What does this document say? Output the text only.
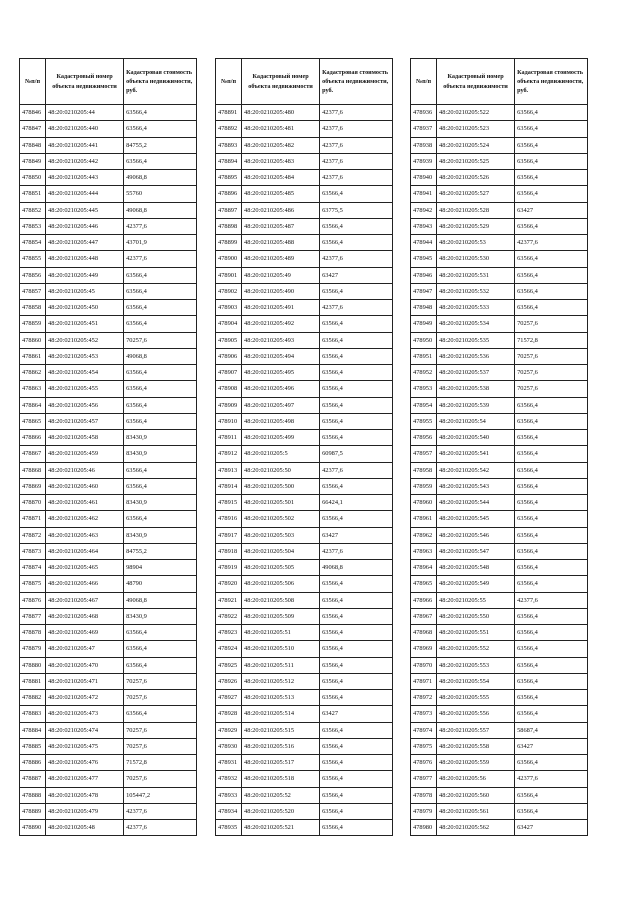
№п/п	Кадастровый номер объекта недвижимости	Кадастровая стоимость объекта недвижимости, руб.
478846	48:20:0210205:44	63566,4
478847	48:20:0210205:440	63566,4
478848	48:20:0210205:441	84755,2
478849	48:20:0210205:442	63566,4
478850	48:20:0210205:443	49068,8
478851	48:20:0210205:444	55760
478852	48:20:0210205:445	49068,8
478853	48:20:0210205:446	42377,6
478854	48:20:0210205:447	43701,9
478855	48:20:0210205:448	42377,6
478856	48:20:0210205:449	63566,4
478857	48:20:0210205:45	63566,4
478858	48:20:0210205:450	63566,4
478859	48:20:0210205:451	63566,4
478860	48:20:0210205:452	70257,6
478861	48:20:0210205:453	49068,8
478862	48:20:0210205:454	63566,4
478863	48:20:0210205:455	63566,4
478864	48:20:0210205:456	63566,4
478865	48:20:0210205:457	63566,4
478866	48:20:0210205:458	83430,9
478867	48:20:0210205:459	83430,9
478868	48:20:0210205:46	63566,4
478869	48:20:0210205:460	63566,4
478870	48:20:0210205:461	83430,9
478871	48:20:0210205:462	63566,4
478872	48:20:0210205:463	83430,9
478873	48:20:0210205:464	84755,2
478874	48:20:0210205:465	98904
478875	48:20:0210205:466	48790
478876	48:20:0210205:467	49068,8
478877	48:20:0210205:468	83430,9
478878	48:20:0210205:469	63566,4
478879	48:20:0210205:47	63566,4
478880	48:20:0210205:470	63566,4
478881	48:20:0210205:471	70257,6
478882	48:20:0210205:472	70257,6
478883	48:20:0210205:473	63566,4
478884	48:20:0210205:474	70257,6
478885	48:20:0210205:475	70257,6
478886	48:20:0210205:476	71572,8
478887	48:20:0210205:477	70257,6
478888	48:20:0210205:478	105447,2
478889	48:20:0210205:479	42377,6
478890	48:20:0210205:48	42377,6
№п/п	Кадастровый номер объекта недвижимости	Кадастровая стоимость объекта недвижимости, руб.
478891	48:20:0210205:480	42377,6
478892	48:20:0210205:481	42377,6
478893	48:20:0210205:482	42377,6
478894	48:20:0210205:483	42377,6
478895	48:20:0210205:484	42377,6
478896	48:20:0210205:485	63566,4
478897	48:20:0210205:486	63775,5
478898	48:20:0210205:487	63566,4
478899	48:20:0210205:488	63566,4
478900	48:20:0210205:489	42377,6
478901	48:20:0210205:49	63427
478902	48:20:0210205:490	63566,4
478903	48:20:0210205:491	42377,6
478904	48:20:0210205:492	63566,4
478905	48:20:0210205:493	63566,4
478906	48:20:0210205:494	63566,4
478907	48:20:0210205:495	63566,4
478908	48:20:0210205:496	63566,4
478909	48:20:0210205:497	63566,4
478910	48:20:0210205:498	63566,4
478911	48:20:0210205:499	63566,4
478912	48:20:0210205:5	60987,5
478913	48:20:0210205:50	42377,6
478914	48:20:0210205:500	63566,4
478915	48:20:0210205:501	66424,1
478916	48:20:0210205:502	63566,4
478917	48:20:0210205:503	63427
478918	48:20:0210205:504	42377,6
478919	48:20:0210205:505	49068,8
478920	48:20:0210205:506	63566,4
478921	48:20:0210205:508	63566,4
478922	48:20:0210205:509	63566,4
478923	48:20:0210205:51	63566,4
478924	48:20:0210205:510	63566,4
478925	48:20:0210205:511	63566,4
478926	48:20:0210205:512	63566,4
478927	48:20:0210205:513	63566,4
478928	48:20:0210205:514	63427
478929	48:20:0210205:515	63566,4
478930	48:20:0210205:516	63566,4
478931	48:20:0210205:517	63566,4
478932	48:20:0210205:518	63566,4
478933	48:20:0210205:52	63566,4
478934	48:20:0210205:520	63566,4
478935	48:20:0210205:521	63566,4
№п/п	Кадастровый номер объекта недвижимости	Кадастровая стоимость объекта недвижимости, руб.
478936	48:20:0210205:522	63566,4
478937	48:20:0210205:523	63566,4
478938	48:20:0210205:524	63566,4
478939	48:20:0210205:525	63566,4
478940	48:20:0210205:526	63566,4
478941	48:20:0210205:527	63566,4
478942	48:20:0210205:528	63427
478943	48:20:0210205:529	63566,4
478944	48:20:0210205:53	42377,6
478945	48:20:0210205:530	63566,4
478946	48:20:0210205:531	63566,4
478947	48:20:0210205:532	63566,4
478948	48:20:0210205:533	63566,4
478949	48:20:0210205:534	70257,6
478950	48:20:0210205:535	71572,8
478951	48:20:0210205:536	70257,6
478952	48:20:0210205:537	70257,6
478953	48:20:0210205:538	70257,6
478954	48:20:0210205:539	63566,4
478955	48:20:0210205:54	63566,4
478956	48:20:0210205:540	63566,4
478957	48:20:0210205:541	63566,4
478958	48:20:0210205:542	63566,4
478959	48:20:0210205:543	63566,4
478960	48:20:0210205:544	63566,4
478961	48:20:0210205:545	63566,4
478962	48:20:0210205:546	63566,4
478963	48:20:0210205:547	63566,4
478964	48:20:0210205:548	63566,4
478965	48:20:0210205:549	63566,4
478966	48:20:0210205:55	42377,6
478967	48:20:0210205:550	63566,4
478968	48:20:0210205:551	63566,4
478969	48:20:0210205:552	63566,4
478970	48:20:0210205:553	63566,4
478971	48:20:0210205:554	63566,4
478972	48:20:0210205:555	63566,4
478973	48:20:0210205:556	63566,4
478974	48:20:0210205:557	58687,4
478975	48:20:0210205:558	63427
478976	48:20:0210205:559	63566,4
478977	48:20:0210205:56	42377,6
478978	48:20:0210205:560	63566,4
478979	48:20:0210205:561	63566,4
478980	48:20:0210205:562	63427
